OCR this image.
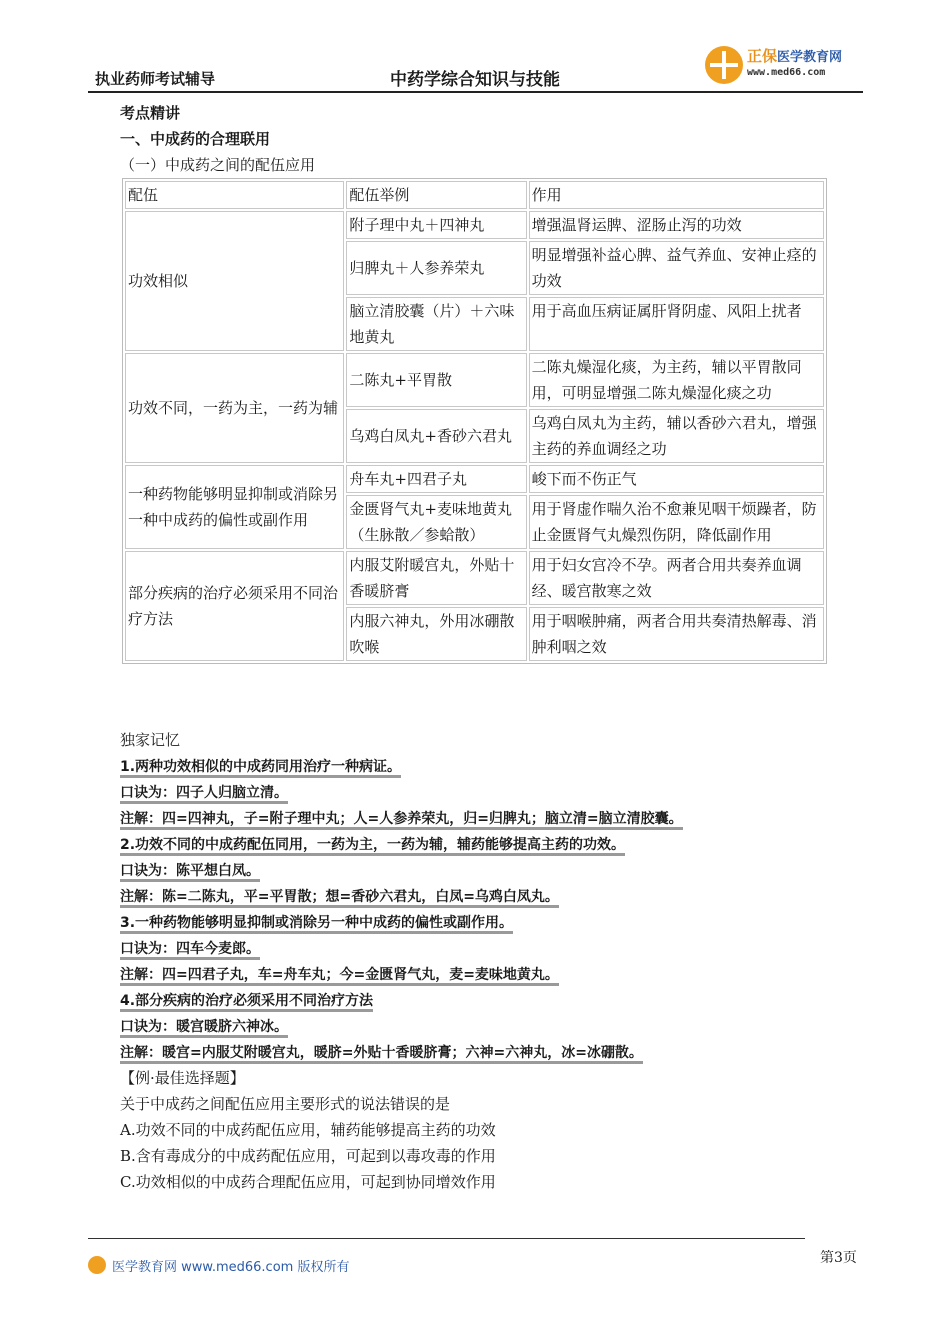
执业药师考试辅导	中药学综合知识与技能
正保医学教育网
www.med66.com
考点精讲
一、中成药的合理联用
（一）中成药之间的配伍应用
配伍	配伍举例	作用
功效相似	附子理中丸＋四神丸	增强温肾运脾、涩肠止泻的功效
	归脾丸＋人参养荣丸	明显增强补益心脾、益气养血、安神止痉的功效
	脑立清胶囊（片）＋六味地黄丸	用于高血压病证属肝肾阴虚、风阳上扰者
功效不同，一药为主，一药为辅	二陈丸+平胃散	二陈丸燥湿化痰，为主药，辅以平胃散同用，可明显增强二陈丸燥湿化痰之功
	乌鸡白凤丸+香砂六君丸	乌鸡白凤丸为主药，辅以香砂六君丸，增强主药的养血调经之功
一种药物能够明显抑制或消除另一种中成药的偏性或副作用	舟车丸+四君子丸	峻下而不伤正气
	金匮肾气丸+麦味地黄丸（生脉散／参蛤散）	用于肾虚作喘久治不愈兼见咽干烦躁者，防止金匮肾气丸燥烈伤阴，降低副作用
部分疾病的治疗必须采用不同治疗方法	内服艾附暖宫丸，外贴十香暖脐膏	用于妇女宫冷不孕。两者合用共奏养血调经、暖宫散寒之效
	内服六神丸，外用冰硼散吹喉	用于咽喉肿痛，两者合用共奏清热解毒、消肿利咽之效
独家记忆
1.两种功效相似的中成药同用治疗一种病证。
口诀为：四子人归脑立清。
注解：四=四神丸，子=附子理中丸；人=人参养荣丸，归=归脾丸；脑立清=脑立清胶囊。
2.功效不同的中成药配伍同用，一药为主，一药为辅，辅药能够提高主药的功效。
口诀为：陈平想白凤。
注解：陈=二陈丸，平=平胃散；想=香砂六君丸，白凤=乌鸡白凤丸。
3.一种药物能够明显抑制或消除另一种中成药的偏性或副作用。
口诀为：四车今麦郎。
注解：四=四君子丸，车=舟车丸；今=金匮肾气丸，麦=麦味地黄丸。
4.部分疾病的治疗必须采用不同治疗方法
口诀为：暖宫暖脐六神冰。
注解：暖宫=内服艾附暖宫丸，暖脐=外贴十香暖脐膏；六神=六神丸，冰=冰硼散。
【例·最佳选择题】
关于中成药之间配伍应用主要形式的说法错误的是
A.功效不同的中成药配伍应用，辅药能够提高主药的功效
B.含有毒成分的中成药配伍应用，可起到以毒攻毒的作用
C.功效相似的中成药合理配伍应用，可起到协同增效作用
医学教育网 www.med66.com 版权所有
第3页
